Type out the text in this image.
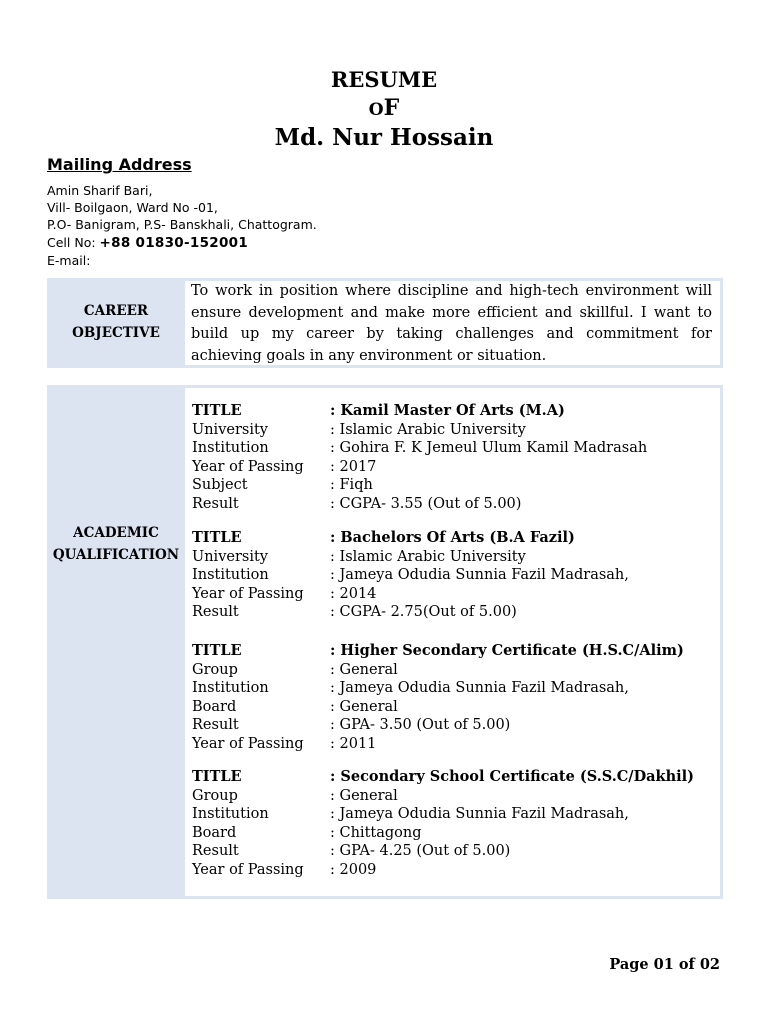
RESUME
OF
Md. Nur Hossain
Mailing Address
Amin Sharif Bari,
Vill- Boilgaon, Ward No -01,
P.O- Banigram, P.S- Banskhali, Chattogram.
Cell No: +88 01830-152001
E-mail:
CAREER
OBJECTIVE
To work in position where discipline and high-tech environment will ensure development and make more efficient and skillful. I want to build up my career by taking challenges and commitment for achieving goals in any environment or situation.
ACADEMIC
QUALIFICATION
TITLE	: Kamil Master Of Arts (M.A)
University	: Islamic Arabic University
Institution	: Gohira F. K Jemeul Ulum Kamil Madrasah
Year of Passing : 2017
Subject	: Fiqh
Result	: CGPA- 3.55 (Out of 5.00)
TITLE	: Bachelors Of Arts (B.A Fazil)
University	: Islamic Arabic University
Institution	: Jameya Odudia Sunnia Fazil Madrasah,
Year of Passing : 2014
Result	: CGPA- 2.75(Out of 5.00)
TITLE	: Higher Secondary Certificate (H.S.C/Alim)
Group	: General
Institution	: Jameya Odudia Sunnia Fazil Madrasah,
Board	: General
Result	: GPA- 3.50 (Out of 5.00)
Year of Passing : 2011
TITLE	: Secondary School Certificate (S.S.C/Dakhil)
Group	: General
Institution	: Jameya Odudia Sunnia Fazil Madrasah,
Board	: Chittagong
Result	: GPA- 4.25 (Out of 5.00)
Year of Passing : 2009
Page 01 of 02
